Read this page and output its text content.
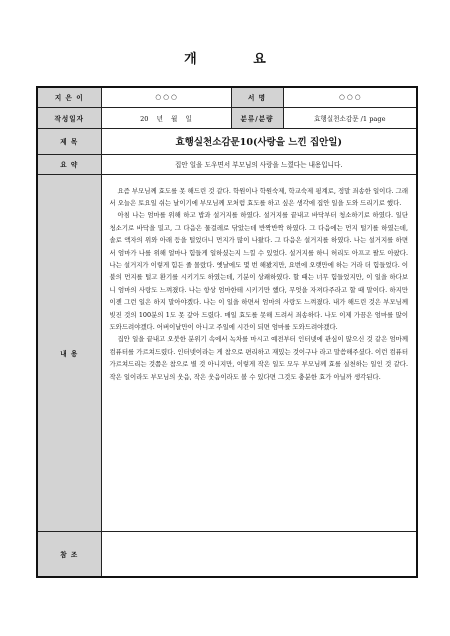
개 요
지 은 이	○ ○ ○	서 명	○ ○ ○
작성일자	20 년 월 일	분류/분량	효행실천소감문 /1 page
제 목	효행실천소감문10(사랑을 느낀 집안일)		
요 약	집안 일을 도우면서 부모님의 사랑을 느꼈다는 내용입니다.		
내 용	요즘 부모님께 효도를 못 해드린 것 같다. 학원이나 학원숙제, 학교숙제 핑계로, 정말 죄송한 일이다. 그래서 오늘은 토요일 쉬는 날이기에 부모님께 모처럼 효도를 하고 싶은 생각에 집안 일을 도와 드리기로 했다.

아침 나는 엄마를 위해 하고 밥과 설거지를 하였다. 설거지를 끝내고 바닥부터 청소하기로 하였다. 일단 청소기로 바닥을 밀고, 그 다음은 물걸레로 닦았는데 반짝반짝 하였다. 그 다음에는 먼지 털기를 하였는데, 솔로 액자의 위와 아래 등을 털었더니 먼지가 많이 나왔다. 그 다음은 설거지를 하였다. 나는 설거지를 하면서 엄마가 나를 위해 얼마나 힘들게 일하셨는지 느낄 수 있었다. 설거지를 하니 허리도 아프고 팔도 아팠다. 나는 설거지가 이렇게 힘든 줄 몰랐다. 옛날에도 몇 번 해봤지만, 요번에 오랫만에 하는 거라 더 힘들었다. 이불의 먼지를 털고 환기를 시키기도 하였는데, 기분이 상쾌하였다. 할 때는 너무 힘들었지만, 이 일을 하다보니 엄마의 사랑도 느껴졌다. 나는 항상 엄마한테 시키기만 했다, 무엇을 자져다주라고 할 때 말이다. 하지만 이젠 그런 일은 하지 말아야겠다. 나는 이 일을 하면서 엄마의 사랑도 느껴졌다. 내가 해드린 것은 부모님께 빚진 것의 100분의 1도 못 갚아 드렸다. 매일 효도를 못해 드려서 죄송하다. 나도 이제 가끔은 엄마를 많이 도와드려야겠다. 어버이날만이 아니고 주일에 시간이 되면 엄마를 도와드려야겠다.

집안 일을 끝내고 오붓한 분위기 속에서 녹차를 마시고 예전부터 인터넷에 관심이 많으신 것 같은 엄마께 컴퓨터를 가르쳐드렸다. 인터넷이라는 게 참으로 편리하고 재밌는 것이구나 라고 말씀해주셨다. 이런 컴퓨터 가르쳐드리는 것쯤은 참으로 별 것 아니지만, 이렇게 작은 일도 모두 부모님께 효를 실천하는 일인 것 같다. 작은 일이라도 부모님의 웃음, 작은 웃음이라도 볼 수 있다면 그것도 충분한 효가 아닐까 생각된다.		

참 조			
